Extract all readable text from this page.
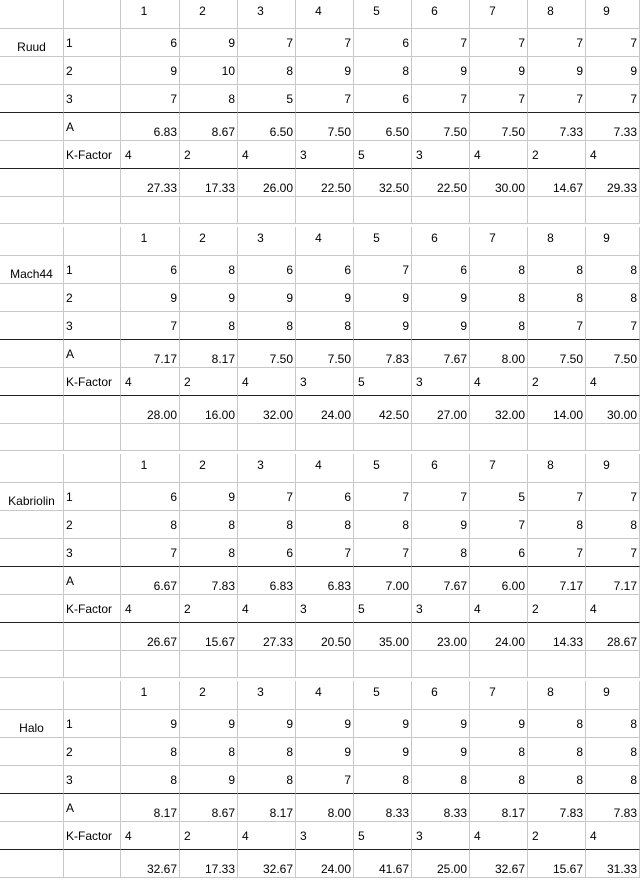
1	2	3	4	5	6	7	8	9
Ruud	1	6	9	7	7	6	7	7	7	7
2	9	10	8	9	8	9	9	9	9
3	7	8	5	7	6	7	7	7	7
A	6.83	8.67	6.50	7.50	6.50	7.50	7.50	7.33	7.33
K-Factor	4	2	4	3	5	3	4	2	4
27.33	17.33	26.00	22.50	32.50	22.50	30.00	14.67	29.33
1	2	3	4	5	6	7	8	9
Mach44	1	6	8	6	6	7	6	8	8	8
2	9	9	9	9	9	9	8	8	8
3	7	8	8	8	9	9	8	7	7
A	7.17	8.17	7.50	7.50	7.83	7.67	8.00	7.50	7.50
K-Factor	4	2	4	3	5	3	4	2	4
28.00	16.00	32.00	24.00	42.50	27.00	32.00	14.00	30.00
1	2	3	4	5	6	7	8	9
Kabriolin 1	6	9	7	6	7	7	5	7	7
2	8	8	8	8	8	9	7	8	8
3	7	8	6	7	7	8	6	7	7
A	6.67	7.83	6.83	6.83	7.00	7.67	6.00	7.17	7.17
K-Factor	4	2	4	3	5	3	4	2	4
26.67	15.67	27.33	20.50	35.00	23.00	24.00	14.33	28.67
1	2	3	4	5	6	7	8	9
Halo	1	9	9	9	9	9	9	9	8	8
2	8	8	8	9	9	9	8	8	8
3	8	9	8	7	8	8	8	8	8
A	8.17	8.67	8.17	8.00	8.33	8.33	8.17	7.83	7.83
K-Factor	4	2	4	3	5	3	4	2	4
32.67	17.33	32.67	24.00	41.67	25.00	32.67	15.67	31.33
